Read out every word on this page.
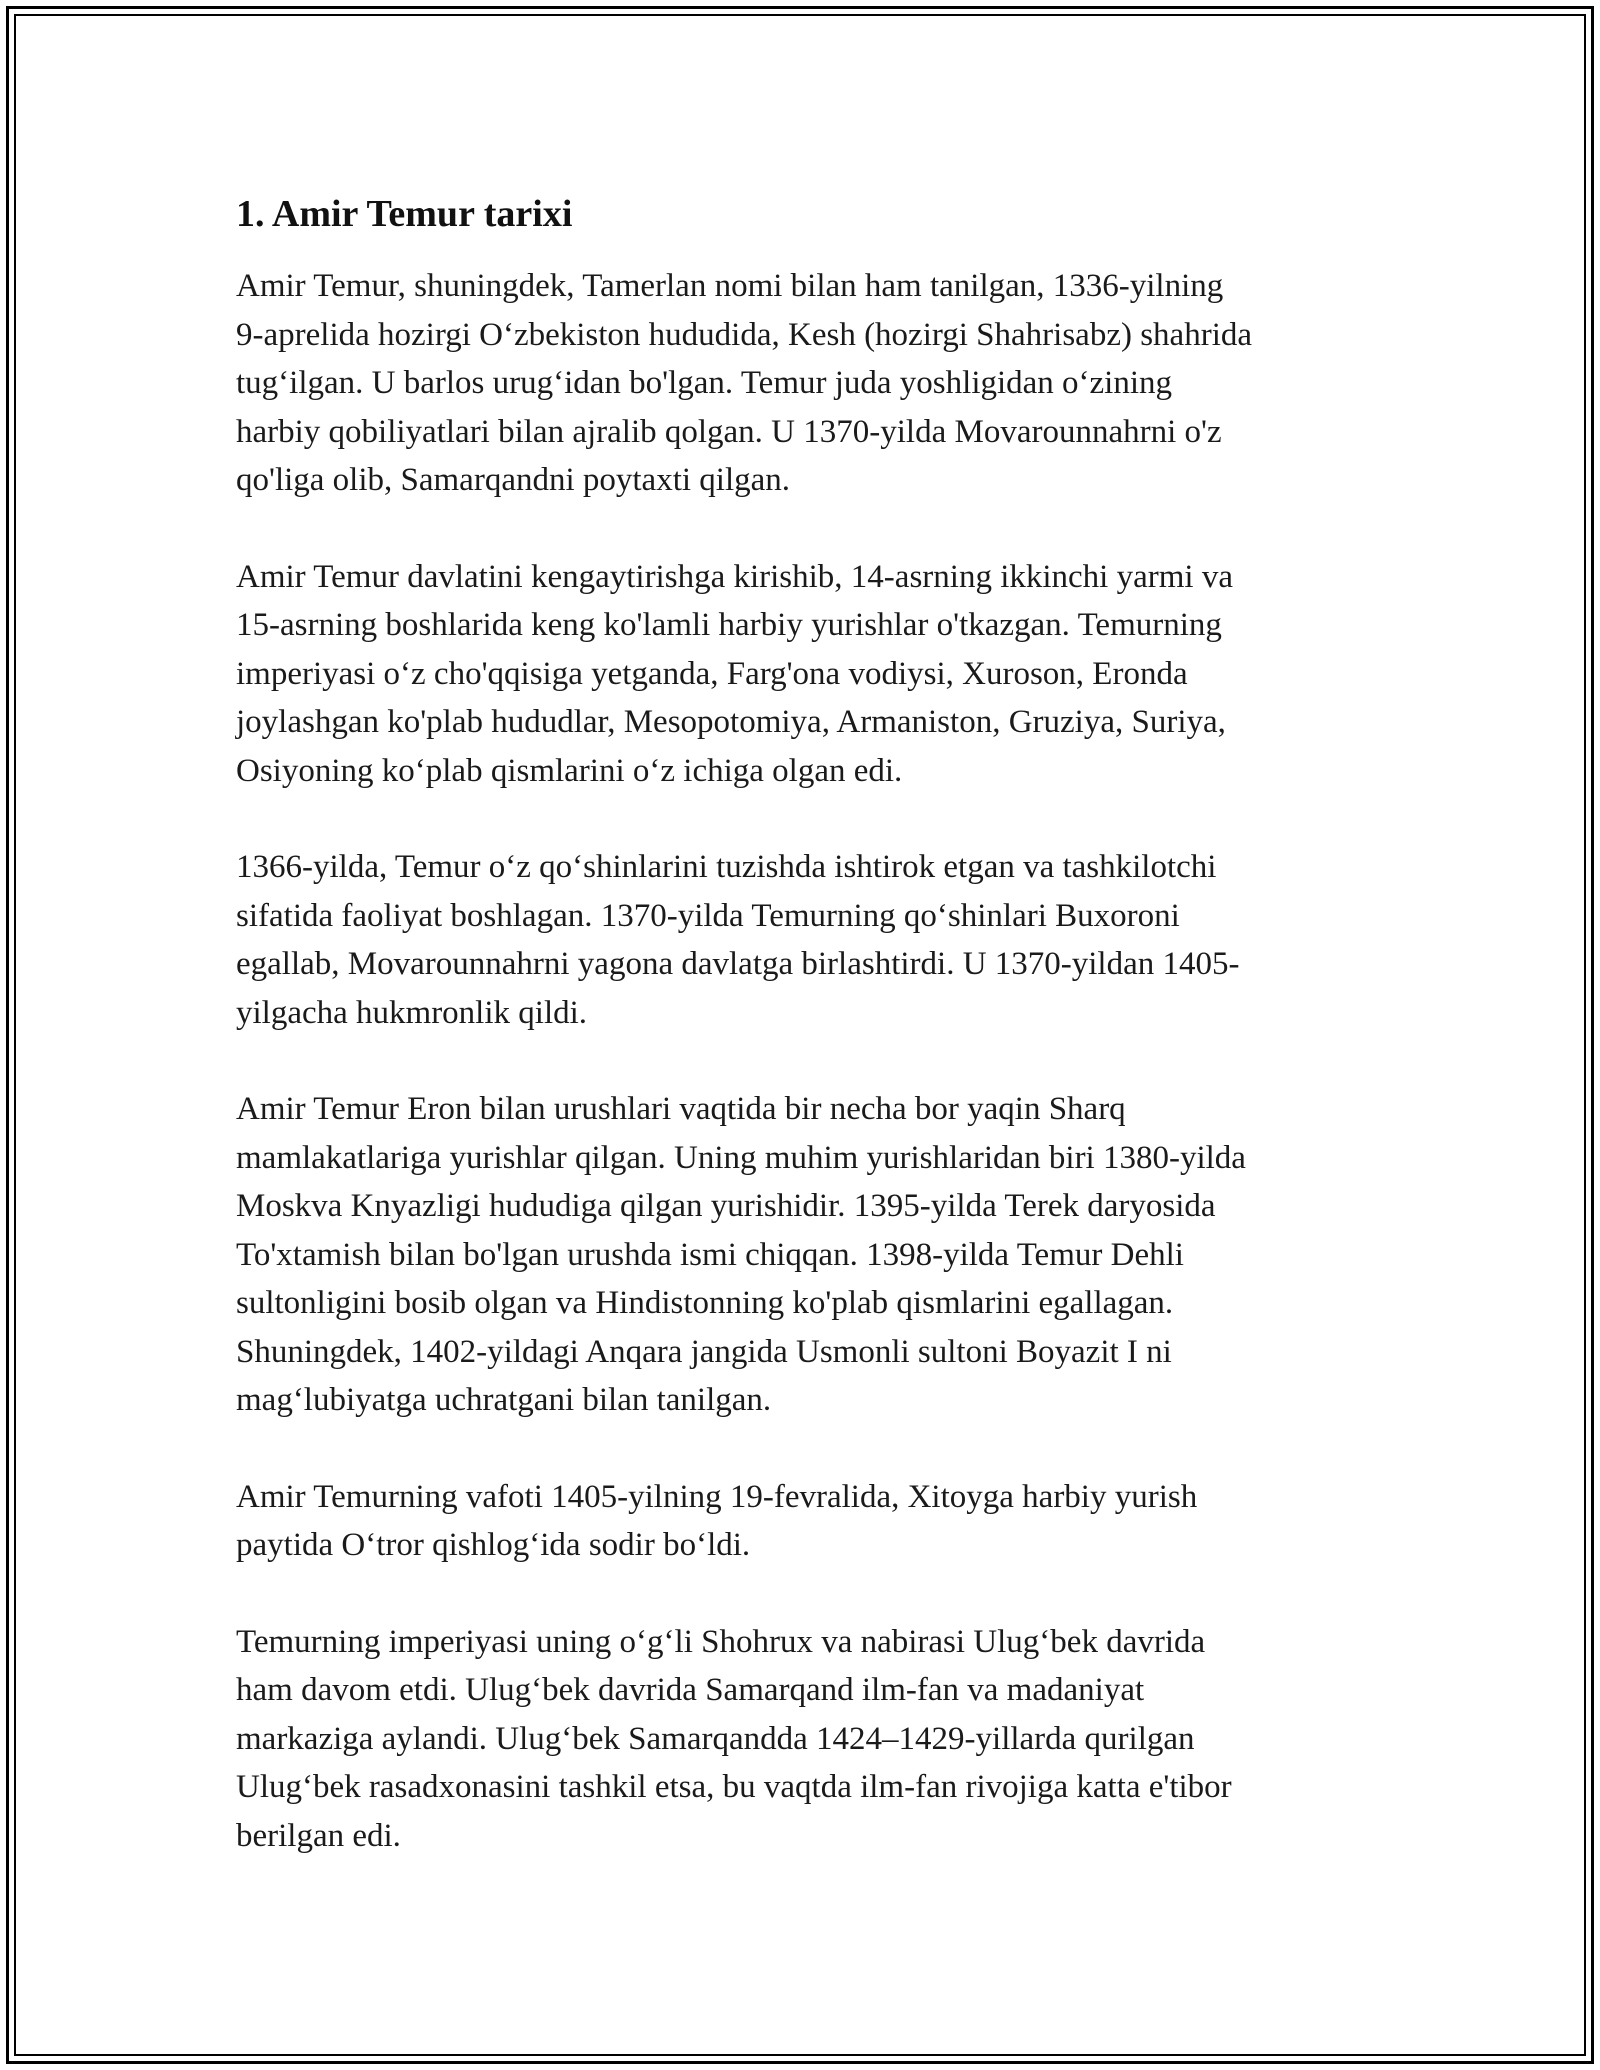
1. Amir Temur tarixi

Amir Temur, shuningdek, Tamerlan nomi bilan ham tanilgan, 1336-yilning
9-aprelida hozirgi O‘zbekiston hududida, Kesh (hozirgi Shahrisabz) shahrida
tug‘ilgan. U barlos urug‘idan bo'lgan. Temur juda yoshligidan o‘zining
harbiy qobiliyatlari bilan ajralib qolgan. U 1370-yilda Movarounnahrni o'z
qo'liga olib, Samarqandni poytaxti qilgan.

Amir Temur davlatini kengaytirishga kirishib, 14-asrning ikkinchi yarmi va
15-asrning boshlarida keng ko'lamli harbiy yurishlar o'tkazgan. Temurning
imperiyasi o‘z cho'qqisiga yetganda, Farg'ona vodiysi, Xuroson, Eronda
joylashgan ko'plab hududlar, Mesopotomiya, Armaniston, Gruziya, Suriya,
Osiyoning ko‘plab qismlarini o‘z ichiga olgan edi.

1366-yilda, Temur o‘z qo‘shinlarini tuzishda ishtirok etgan va tashkilotchi
sifatida faoliyat boshlagan. 1370-yilda Temurning qo‘shinlari Buxoroni
egallab, Movarounnahrni yagona davlatga birlashtirdi. U 1370-yildan 1405-
yilgacha hukmronlik qildi.

Amir Temur Eron bilan urushlari vaqtida bir necha bor yaqin Sharq
mamlakatlariga yurishlar qilgan. Uning muhim yurishlaridan biri 1380-yilda
Moskva Knyazligi hududiga qilgan yurishidir. 1395-yilda Terek daryosida
To'xtamish bilan bo'lgan urushda ismi chiqqan. 1398-yilda Temur Dehli
sultonligini bosib olgan va Hindistonning ko'plab qismlarini egallagan.
Shuningdek, 1402-yildagi Anqara jangida Usmonli sultoni Boyazit I ni
mag‘lubiyatga uchratgani bilan tanilgan.

Amir Temurning vafoti 1405-yilning 19-fevralida, Xitoyga harbiy yurish
paytida O‘tror qishlog‘ida sodir bo‘ldi.

Temurning imperiyasi uning o‘g‘li Shohrux va nabirasi Ulug‘bek davrida
ham davom etdi. Ulug‘bek davrida Samarqand ilm-fan va madaniyat
markaziga aylandi. Ulug‘bek Samarqandda 1424–1429-yillarda qurilgan
Ulug‘bek rasadxonasini tashkil etsa, bu vaqtda ilm-fan rivojiga katta e'tibor
berilgan edi.
